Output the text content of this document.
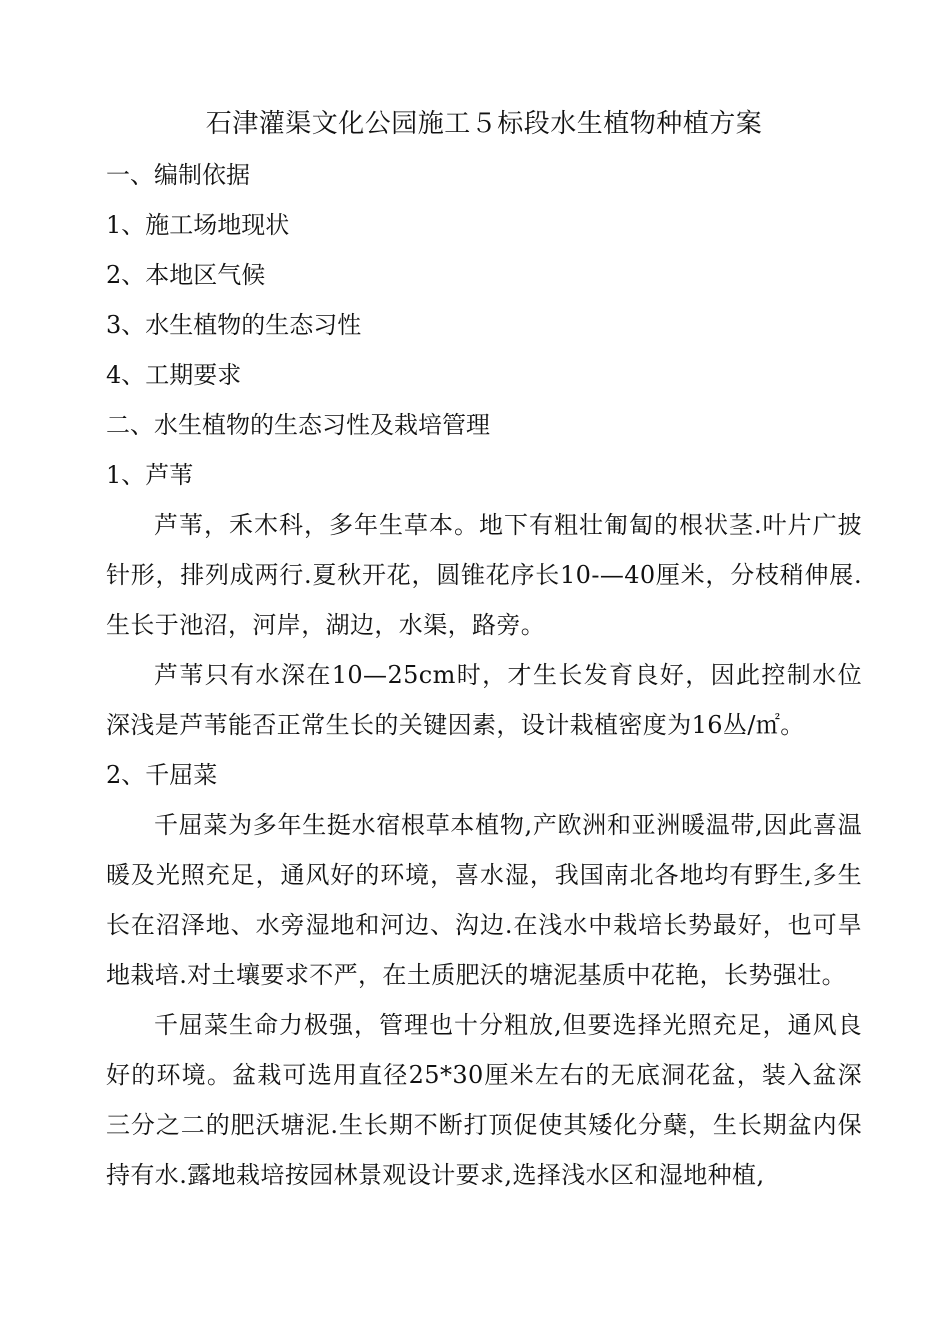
石津灌渠文化公园施工５标段水生植物种植方案

一、编制依据

1、施工场地现状

2、本地区气候

3、水生植物的生态习性

4、工期要求

二、水生植物的生态习性及栽培管理

1、芦苇

芦苇，禾木科，多年生草本。地下有粗壮匍匐的根状茎.叶片广披针形，排列成两行.夏秋开花，圆锥花序长10-—40厘米，分枝稍伸展.生长于池沼，河岸，湖边，水渠，路旁。

芦苇只有水深在10—25cm时，才生长发育良好，因此控制水位深浅是芦苇能否正常生长的关键因素，设计栽植密度为16丛/㎡。

2、千屈菜

千屈菜为多年生挺水宿根草本植物,产欧洲和亚洲暖温带,因此喜温暖及光照充足，通风好的环境，喜水湿，我国南北各地均有野生,多生长在沼泽地、水旁湿地和河边、沟边.在浅水中栽培长势最好，也可旱地栽培.对土壤要求不严，在土质肥沃的塘泥基质中花艳，长势强壮。

千屈菜生命力极强，管理也十分粗放,但要选择光照充足，通风良好的环境。盆栽可选用直径25*30厘米左右的无底洞花盆，装入盆深三分之二的肥沃塘泥.生长期不断打顶促使其矮化分蘖，生长期盆内保持有水.露地栽培按园林景观设计要求,选择浅水区和湿地种植,
